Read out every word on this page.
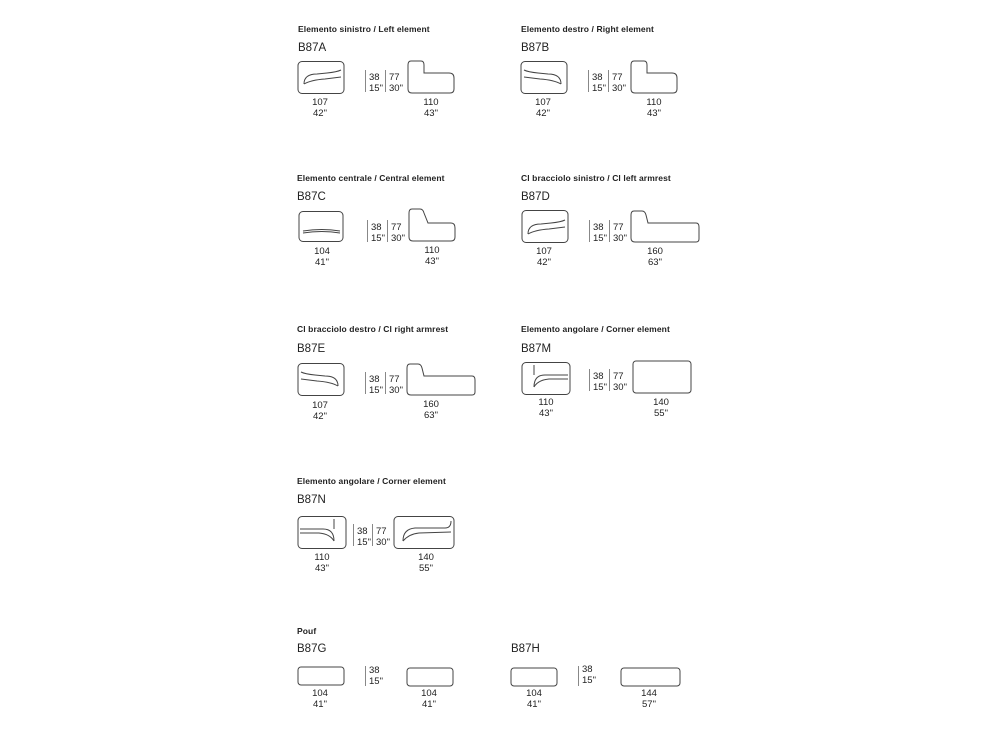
Elemento sinistro / Left element
B87A
38
15"
77
30"
107
42"
110
43"
Elemento destro / Right element
B87B
38
15"
77
30"
107
42"
110
43"
Elemento centrale / Central element
B87C
38
15"
77
30"
104
41"
110
43"
Cl bracciolo sinistro / Cl left armrest
B87D
38
15"
77
30"
107
42"
160
63"
Cl bracciolo destro / Cl right armrest
B87E
38
15"
77
30"
107
42"
160
63"
Elemento angolare / Corner element
B87M
38
15"
77
30"
110
43"
140
55"
Elemento angolare / Corner element
B87N
38
15"
77
30"
110
43"
140
55"
Pouf
B87G
38
15"
104
41"
104
41"
B87H
38
15"
104
41"
144
57"
